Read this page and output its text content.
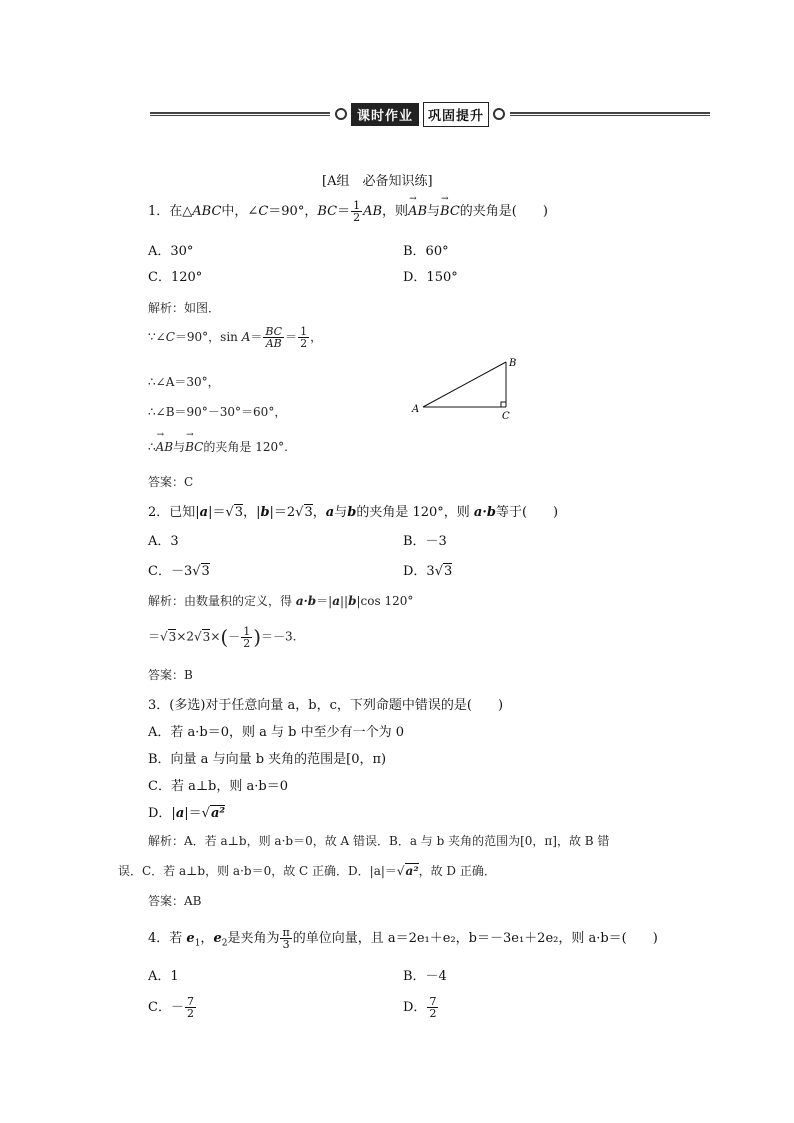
课时作业	巩固提升
[A组　必备知识练]
1．在△ABC中，∠C＝90°，$BC= \frac{1}{2}$ AB，则→ AB与→ BC的夹角是(　　)
A．30°	B．60°
C．120°	D．150°
解析：如图．
∵∠C＝90°，$\sin A= \frac{BC}{AB} = \frac{1}{2}$ ，
∴∠A＝30°，
∴∠B＝90°－30°＝60°，
∴→ AB与→ BC的夹角是 120°.
A
B
C
答案：C
2．已知|a|＝√3，|b|＝2√3，a与b的夹角是 120°，则 a·b等于(　　)
A．3	B．－3
C．－3√3	D．3√3
解析：由数量积的定义，得 a·b＝|a||b|cos 120°
$=√3\times 2√3\times(- \frac{1}{2} )=-3$.
答案：B
3．(多选)对于任意向量 a，b，c，下列命题中错误的是(　　)
A．若 a·b＝0，则 a 与 b 中至少有一个为 0
B．向量 a 与向量 b 夹角的范围是[0，π)
C．若 a⊥b，则 a·b＝0
D．|a|＝√a²
解析：A．若 a⊥b，则 a·b＝0，故 A 错误．B．a 与 b 夹角的范围为[0，π]，故 B 错
误．C．若 a⊥b，则 a·b＝0，故 C 正确．D．|a|＝√a²，故 D 正确．
答案：AB
4．若 $e_1$，$e_2$是夹角为 $\frac{\pi}{3}$ 的单位向量，且 a＝2e₁＋e₂，b＝－3e₁＋2e₂，则 a·b＝(　　)
A．1	B．－4
C．－ $\frac{7}{2}$	D． $\frac{7}{2}$
